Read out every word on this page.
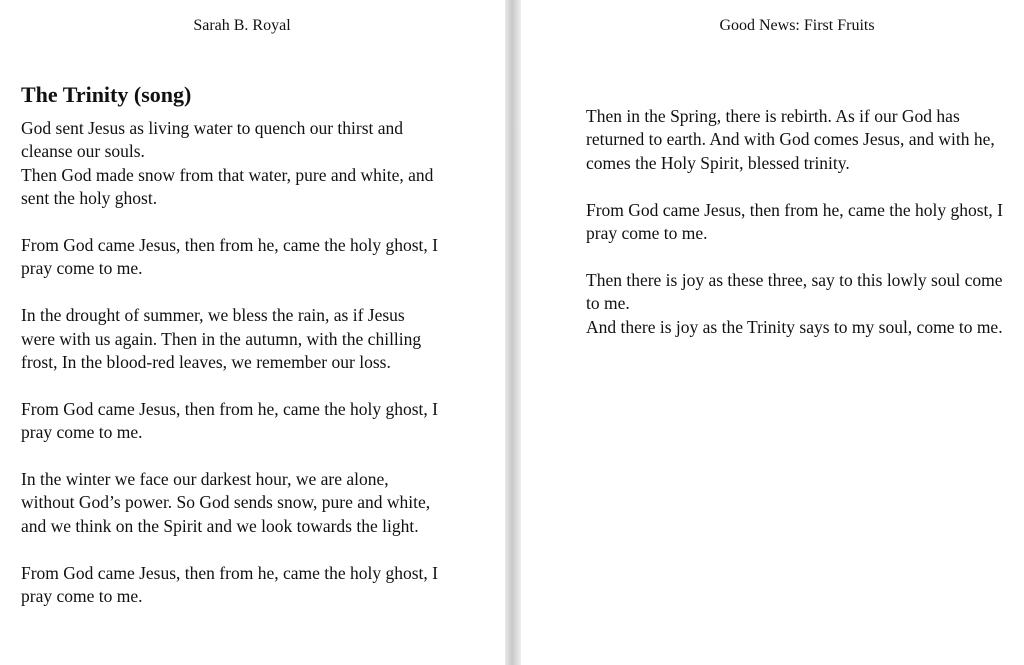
Sarah B. Royal
The Trinity (song)

God sent Jesus as living water to quench our thirst and cleanse our souls.
Then God made snow from that water, pure and white, and sent the holy ghost.

From God came Jesus, then from he, came the holy ghost, I pray come to me.

In the drought of summer, we bless the rain, as if Jesus were with us again. Then in the autumn, with the chilling frost, In the blood-red leaves, we remember our loss.

From God came Jesus, then from he, came the holy ghost, I pray come to me.

In the winter we face our darkest hour, we are alone, without God’s power. So God sends snow, pure and white, and we think on the Spirit and we look towards the light.

From God came Jesus, then from he, came the holy ghost, I pray come to me.

Good News: First Fruits

Then in the Spring, there is rebirth. As if our God has returned to earth. And with God comes Jesus, and with he, comes the Holy Spirit, blessed trinity.

From God came Jesus, then from he, came the holy ghost, I pray come to me.

Then there is joy as these three, say to this lowly soul come to me.
And there is joy as the Trinity says to my soul, come to me.
